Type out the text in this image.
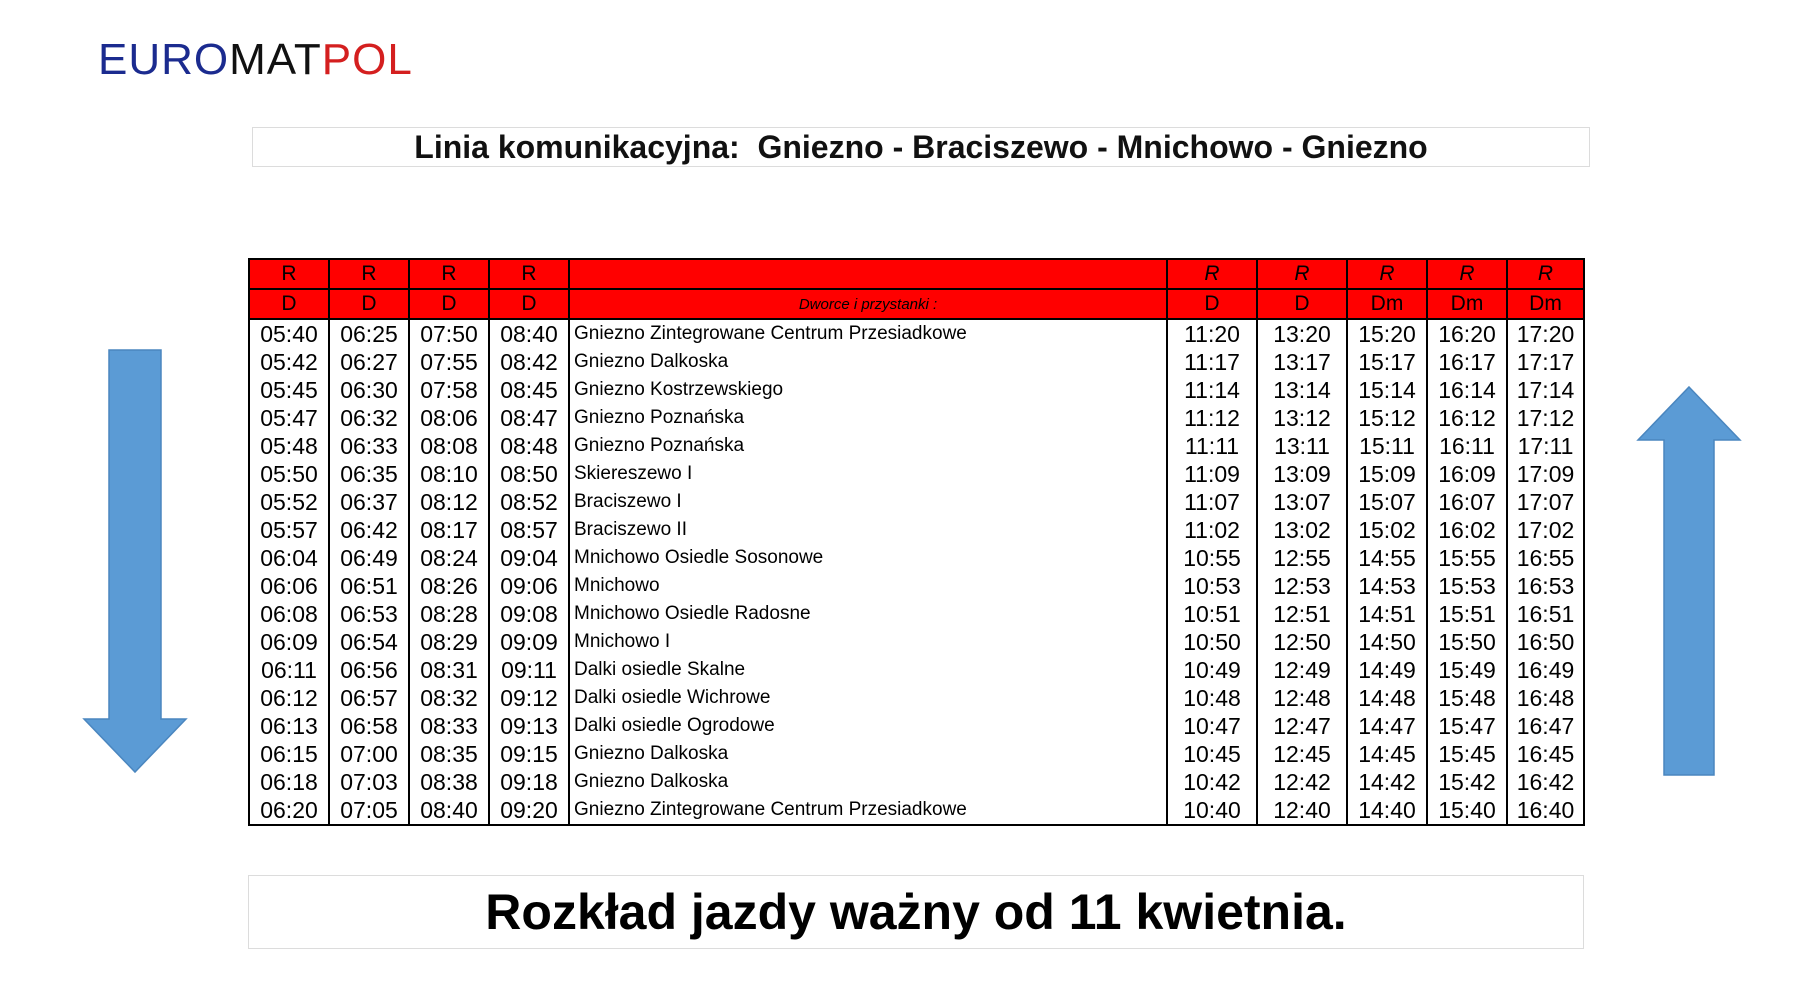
EUROMATPOL
Linia komunikacyjna:
Gniezno - Braciszewo - Mnichowo - Gniezno
R	R	R	R		R	R	R	R	R
D	D	D	D	Dworce i przystanki :	D	D	Dm	Dm	Dm
05:40	06:25	07:50	08:40	Gniezno Zintegrowane Centrum Przesiadkowe	11:20	13:20	15:20	16:20	17:20
05:42	06:27	07:55	08:42	Gniezno Dalkoska	11:17	13:17	15:17	16:17	17:17
05:45	06:30	07:58	08:45	Gniezno Kostrzewskiego	11:14	13:14	15:14	16:14	17:14
05:47	06:32	08:06	08:47	Gniezno Poznańska	11:12	13:12	15:12	16:12	17:12
05:48	06:33	08:08	08:48	Gniezno Poznańska	11:11	13:11	15:11	16:11	17:11
05:50	06:35	08:10	08:50	Skiereszewo I	11:09	13:09	15:09	16:09	17:09
05:52	06:37	08:12	08:52	Braciszewo I	11:07	13:07	15:07	16:07	17:07
05:57	06:42	08:17	08:57	Braciszewo II	11:02	13:02	15:02	16:02	17:02
06:04	06:49	08:24	09:04	Mnichowo Osiedle Sosonowe	10:55	12:55	14:55	15:55	16:55
06:06	06:51	08:26	09:06	Mnichowo	10:53	12:53	14:53	15:53	16:53
06:08	06:53	08:28	09:08	Mnichowo Osiedle Radosne	10:51	12:51	14:51	15:51	16:51
06:09	06:54	08:29	09:09	Mnichowo I	10:50	12:50	14:50	15:50	16:50
06:11	06:56	08:31	09:11	Dalki osiedle Skalne	10:49	12:49	14:49	15:49	16:49
06:12	06:57	08:32	09:12	Dalki osiedle Wichrowe	10:48	12:48	14:48	15:48	16:48
06:13	06:58	08:33	09:13	Dalki osiedle Ogrodowe	10:47	12:47	14:47	15:47	16:47
06:15	07:00	08:35	09:15	Gniezno Dalkoska	10:45	12:45	14:45	15:45	16:45
06:18	07:03	08:38	09:18	Gniezno Dalkoska	10:42	12:42	14:42	15:42	16:42
06:20	07:05	08:40	09:20	Gniezno Zintegrowane Centrum Przesiadkowe	10:40	12:40	14:40	15:40	16:40
Rozkład jazdy ważny od 11 kwietnia.
